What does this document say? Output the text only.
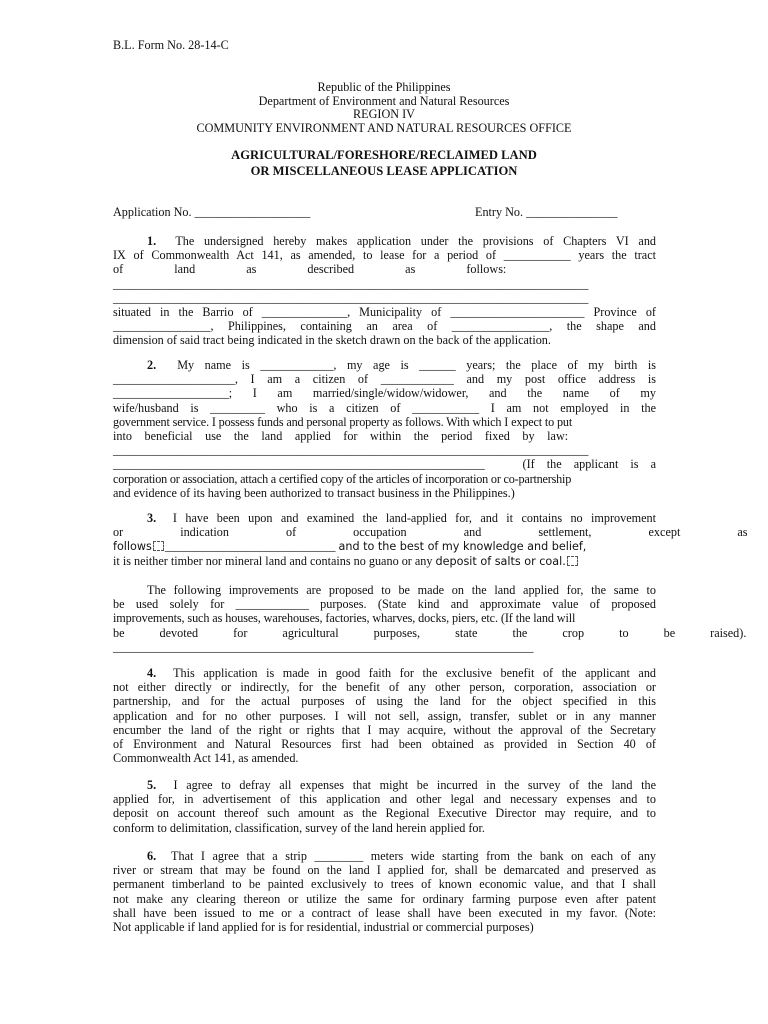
B.L. Form No. 28-14-C
Republic of the Philippines
Department of Environment and Natural Resources
REGION IV
COMMUNITY ENVIRONMENT AND NATURAL RESOURCES OFFICE
AGRICULTURAL/FORESHORE/RECLAIMED LAND
OR MISCELLANEOUS LEASE APPLICATION
Application No. ___________________	Entry No. _______________
1. The undersigned hereby makes application under the provisions of Chapters VI and
IX of Commonwealth Act 141, as amended, to lease for a period of ___________ years the tract
of land as described as follows:
______________________________________________________________________________
______________________________________________________________________________
situated in the Barrio of ______________, Municipality of ______________________ Province of
________________, Philippines, containing an area of ________________, the shape and
dimension of said tract being indicated in the sketch drawn on the back of the application.
2. My name is ____________, my age is ______ years; the place of my birth is
____________________, I am a citizen of ____________ and my post office address is
___________________; I am married/single/widow/widower, and the name of my
wife/husband is _________ who is a citizen of ___________ I am not employed in the
government service. I possess funds and personal property as follows. With which I expect to put
into beneficial use the land applied for within the period fixed by law:
______________________________________________________________________________
_____________________________________________________________	(If the applicant is a
corporation or association, attach a certified copy of the articles of incorporation or co-partnership
and evidence of its having been authorized to transact business in the Philippines.)
3. I have been upon and examined the land-applied for, and it contains no improvement
or indication of occupation and settlement, except as
follows ____________________________ and to the best of my knowledge and belief,
it is neither timber nor mineral land and contains no guano or any deposit of salts or coal.
The following improvements are proposed to be made on the land applied for, the same to
be used solely for ____________ purposes. (State kind and approximate value of proposed
improvements, such as houses, warehouses, factories, wharves, docks, piers, etc. (If the land will
be devoted for agricultural purposes, state the crop to be raised).
_____________________________________________________________________
4. This application is made in good faith for the exclusive benefit of the applicant and
not either directly or indirectly, for the benefit of any other person, corporation, association or
partnership, and for the actual purposes of using the land for the object specified in this
application and for no other purposes. I will not sell, assign, transfer, sublet or in any manner
encumber the land of the right or rights that I may acquire, without the approval of the Secretary
of Environment and Natural Resources first had been obtained as provided in Section 40 of
Commonwealth Act 141, as amended.
5. I agree to defray all expenses that might be incurred in the survey of the land the
applied for, in advertisement of this application and other legal and necessary expenses and to
deposit on account thereof such amount as the Regional Executive Director may require, and to
conform to delimitation, classification, survey of the land herein applied for.
6. That I agree that a strip ________ meters wide starting from the bank on each of any
river or stream that may be found on the land I applied for, shall be demarcated and preserved as
permanent timberland to be painted exclusively to trees of known economic value, and that I shall
not make any clearing thereon or utilize the same for ordinary farming purpose even after patent
shall have been issued to me or a contract of lease shall have been executed in my favor. (Note:
Not applicable if land applied for is for residential, industrial or commercial purposes)
